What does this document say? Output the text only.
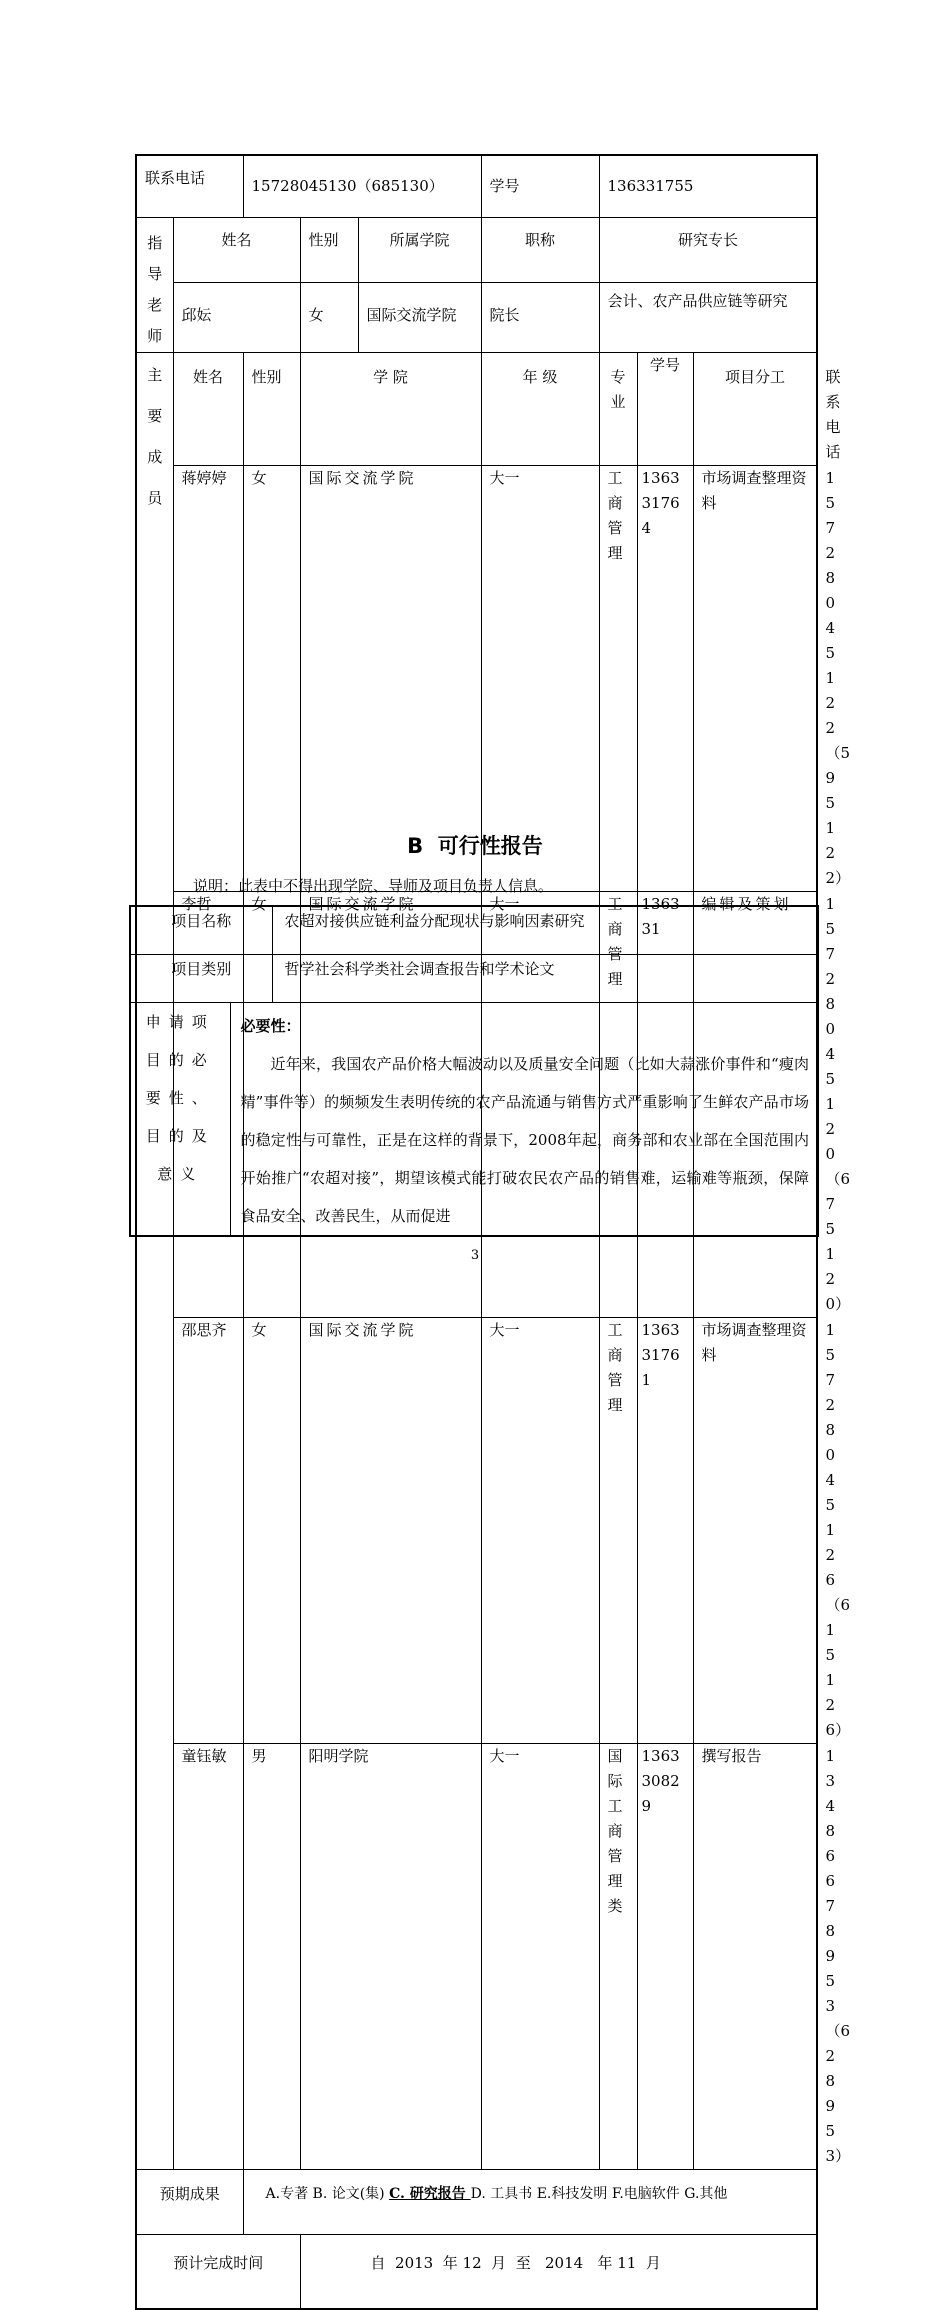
联系电话		15728045130（685130）			学号	136331755			

指
导
老
师	姓名		性别	所属学院	职称	研究专长			
	邱妘		女	国际交流学院	院长	会计、农产品供应链等研究			

主
要
成
员	姓名	性别	学 院		年 级	专 业	学号	项目分工	联系电话
	蒋婷婷	女	国际交流学院		大一	工商管理	136331764	市场调查整理资料	15728045122（595122）
	李哲	女	国际交流学院		大一	工商管理	136331	编辑及策划	15728045120（675120）
	邵思齐	女	国际交流学院		大一	工商管理	136331761	市场调查整理资料	15728045126（615126）
	童钰敏	男	阳明学院		大一	国际工商管理类	136330829	撰写报告	13486678953（628953）
预期成果		A.专著 B. 论文(集) C. 研究报告 D. 工具书 E.科技发明 F.电脑软件 G.其他							
预计完成时间			自  2013  年 12  月  至   2014   年 11  月						
B  可行性报告
说明：此表中不得出现学院、导师及项目负责人信息。
项目名称		农超对接供应链利益分配现状与影响因素研究
项目类别		哲学社会科学类社会调查报告和学术论文
申请项目的必要性、目的及意义	必要性：

近年来，我国农产品价格大幅波动以及质量安全问题（比如大蒜涨价事件和“瘦肉精”事件等）的频频发生表明传统的农产品流通与销售方式严重影响了生鲜农产品市场的稳定性与可靠性，正是在这样的背景下，2008年起，商务部和农业部在全国范围内开始推广“农超对接”，期望该模式能打破农民农产品的销售难，运输难等瓶颈，保障食品安全、改善民生，从而促进	

3
